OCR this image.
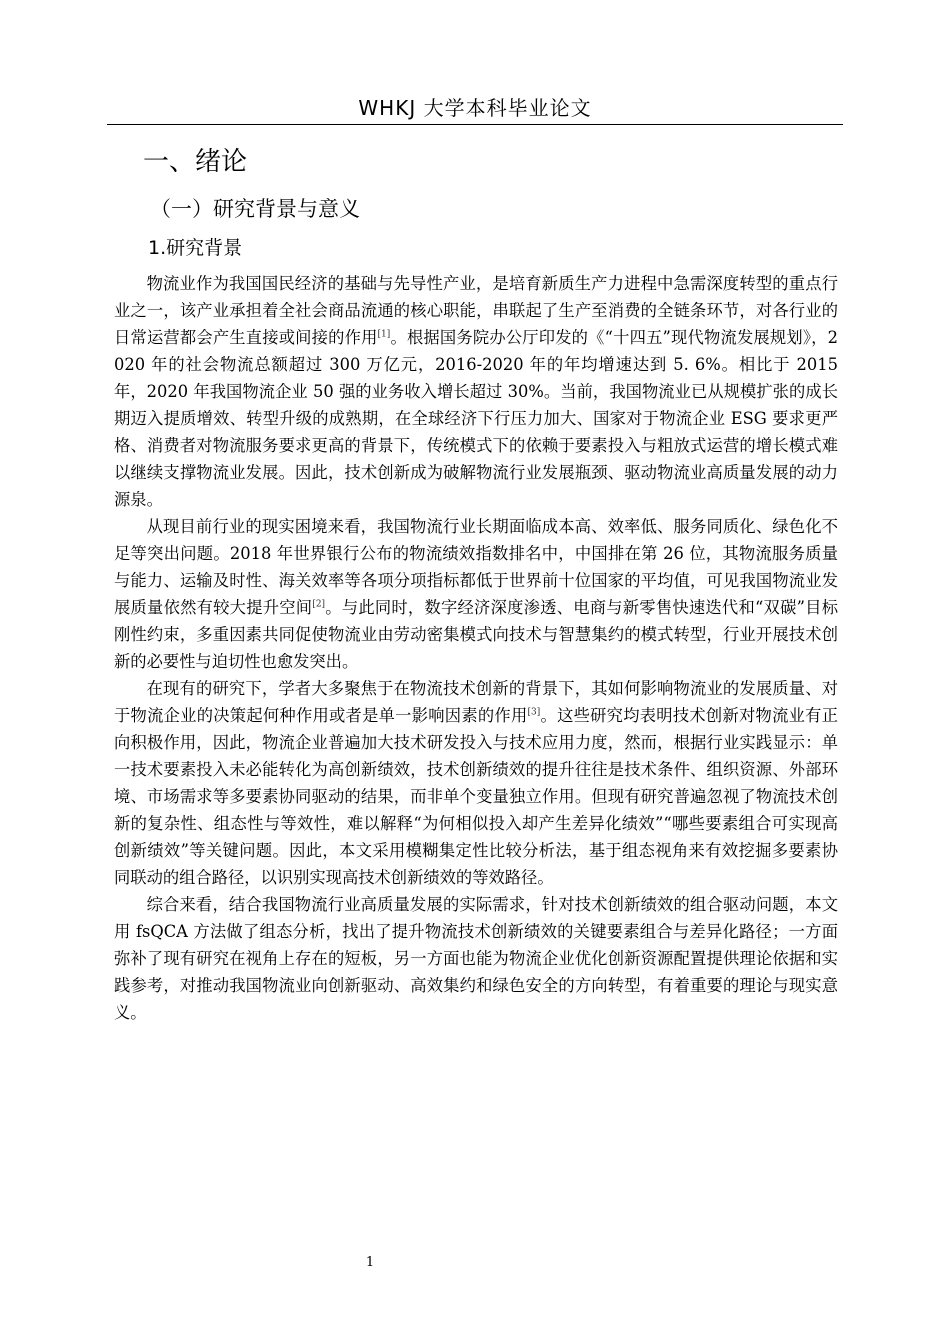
WHKJ 大学本科毕业论文
一、绪论
（一）研究背景与意义
1.研究背景

物流业作为我国国民经济的基础与先导性产业，是培育新质生产力进程中急需深度转型的重点行业之一，该产业承担着全社会商品流通的核心职能，串联起了生产至消费的全链条环节，对各行业的日常运营都会产生直接或间接的作用[1]。根据国务院办公厅印发的《“十四五”现代物流发展规划》，2020 年的社会物流总额超过 300 万亿元，2016-2020 年的年均增速达到 5. 6%。相比于 2015 年，2020 年我国物流企业 50 强的业务收入增长超过 30%。当前，我国物流业已从规模扩张的成长期迈入提质增效、转型升级的成熟期，在全球经济下行压力加大、国家对于物流企业 ESG 要求更严格、消费者对物流服务要求更高的背景下，传统模式下的依赖于要素投入与粗放式运营的增长模式难以继续支撑物流业发展。因此，技术创新成为破解物流行业发展瓶颈、驱动物流业高质量发展的动力源泉。

从现目前行业的现实困境来看，我国物流行业长期面临成本高、效率低、服务同质化、绿色化不足等突出问题。2018 年世界银行公布的物流绩效指数排名中，中国排在第 26 位，其物流服务质量与能力、运输及时性、海关效率等各项分项指标都低于世界前十位国家的平均值，可见我国物流业发展质量依然有较大提升空间[2]。与此同时，数字经济深度渗透、电商与新零售快速迭代和“双碳”目标刚性约束，多重因素共同促使物流业由劳动密集模式向技术与智慧集约的模式转型，行业开展技术创新的必要性与迫切性也愈发突出。

在现有的研究下，学者大多聚焦于在物流技术创新的背景下，其如何影响物流业的发展质量、对于物流企业的决策起何种作用或者是单一影响因素的作用[3]。这些研究均表明技术创新对物流业有正向积极作用，因此，物流企业普遍加大技术研发投入与技术应用力度，然而，根据行业实践显示：单一技术要素投入未必能转化为高创新绩效，技术创新绩效的提升往往是技术条件、组织资源、外部环境、市场需求等多要素协同驱动的结果，而非单个变量独立作用。但现有研究普遍忽视了物流技术创新的复杂性、组态性与等效性，难以解释“为何相似投入却产生差异化绩效”“哪些要素组合可实现高创新绩效”等关键问题。因此，本文采用模糊集定性比较分析法，基于组态视角来有效挖掘多要素协同联动的组合路径，以识别实现高技术创新绩效的等效路径。

综合来看，结合我国物流行业高质量发展的实际需求，针对技术创新绩效的组合驱动问题，本文用 fsQCA 方法做了组态分析，找出了提升物流技术创新绩效的关键要素组合与差异化路径；一方面弥补了现有研究在视角上存在的短板，另一方面也能为物流企业优化创新资源配置提供理论依据和实践参考，对推动我国物流业向创新驱动、高效集约和绿色安全的方向转型，有着重要的理论与现实意义。

1
